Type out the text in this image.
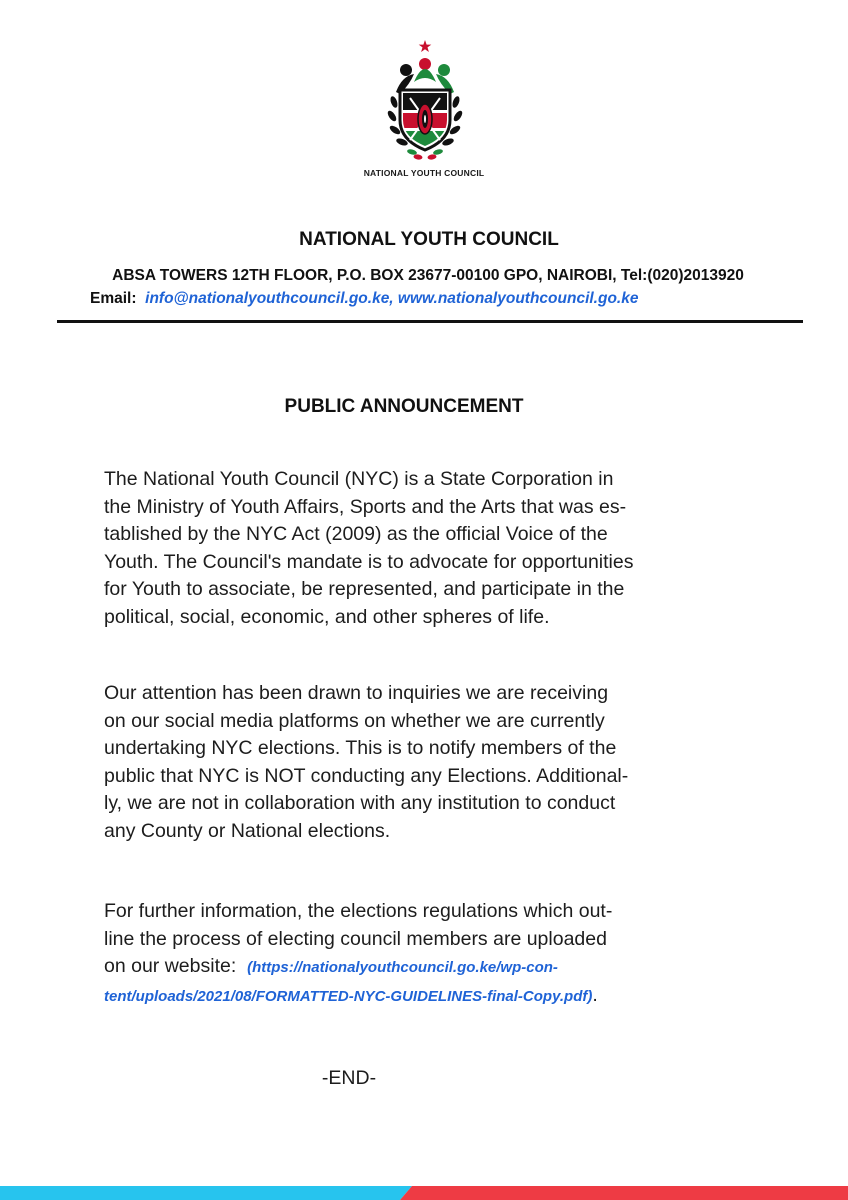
NATIONAL YOUTH COUNCIL
NATIONAL YOUTH COUNCIL
ABSA TOWERS 12TH FLOOR, P.O. BOX 23677-00100 GPO, NAIROBI, Tel:(020)2013920
Email: info@nationalyouthcouncil.go.ke, www.nationalyouthcouncil.go.ke
PUBLIC ANNOUNCEMENT
The National Youth Council (NYC) is a State Corporation in
the Ministry of Youth Affairs, Sports and the Arts that was es-
tablished by the NYC Act (2009) as the official Voice of the
Youth. The Council's mandate is to advocate for opportunities
for Youth to associate, be represented, and participate in the
political, social, economic, and other spheres of life.
Our attention has been drawn to inquiries we are receiving
on our social media platforms on whether we are currently
undertaking NYC elections. This is to notify members of the
public that NYC is NOT conducting any Elections. Additional-
ly, we are not in collaboration with any institution to conduct
any County or National elections.
For further information, the elections regulations which out-
line the process of electing council members are uploaded
on our website: (https://nationalyouthcouncil.go.ke/wp-con-
tent/uploads/2021/08/FORMATTED-NYC-GUIDELINES-final-Copy.pdf).
-END-
